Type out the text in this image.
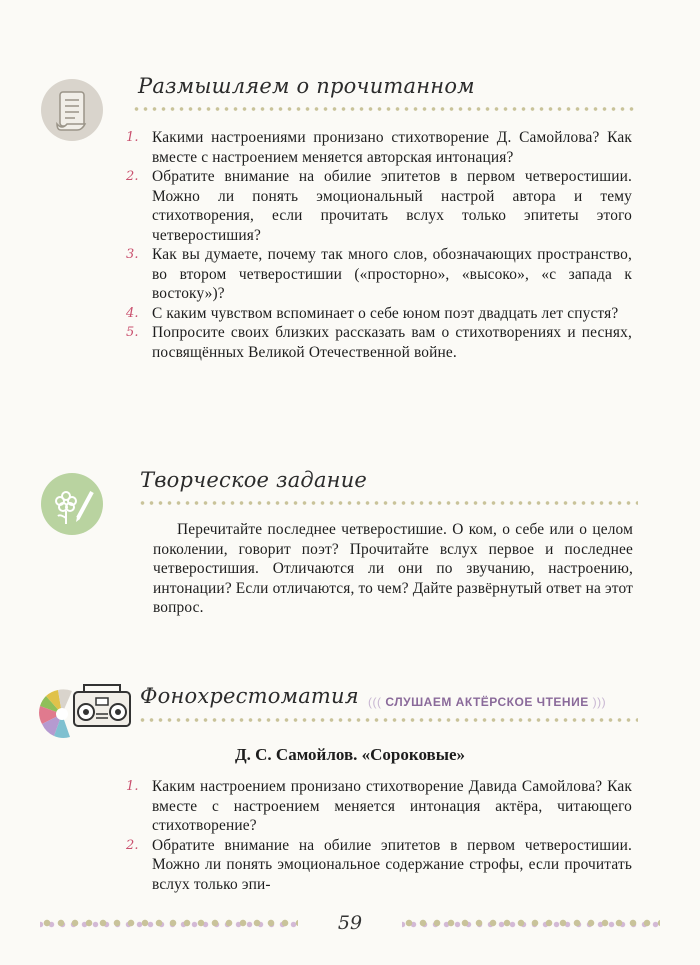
Размышляем о прочитанном
1. Какими настроениями пронизано стихотворение Д. Самойлова? Как вместе с настроением меняется авторская интонация?
2. Обратите внимание на обилие эпитетов в первом четверостишии. Можно ли понять эмоциональный настрой автора и тему стихотворения, если прочитать вслух только эпитеты этого четверостишия?
3. Как вы думаете, почему так много слов, обозначающих пространство, во втором четверостишии («просторно», «высоко», «с запада к востоку»)?
4. С каким чувством вспоминает о себе юном поэт двадцать лет спустя?
5. Попросите своих близких рассказать вам о стихотворениях и песнях, посвящённых Великой Отечественной войне.
Творческое задание
Перечитайте последнее четверостишие. О ком, о себе или о целом поколении, говорит поэт? Прочитайте вслух первое и последнее четверостишия. Отличаются ли они по звучанию, настроению, интонации? Если отличаются, то чем? Дайте развёрнутый ответ на этот вопрос.
Фонохрестоматия ((( СЛУШАЕМ АКТЁРСКОЕ ЧТЕНИЕ )))
Д. С. Самойлов. «Сороковые»
1. Каким настроением пронизано стихотворение Давида Самойлова? Как вместе с настроением меняется интонация актёра, читающего стихотворение?
2. Обратите внимание на обилие эпитетов в первом четверостишии. Можно ли понять эмоциональное содержание строфы, если прочитать вслух только эпи-
59
